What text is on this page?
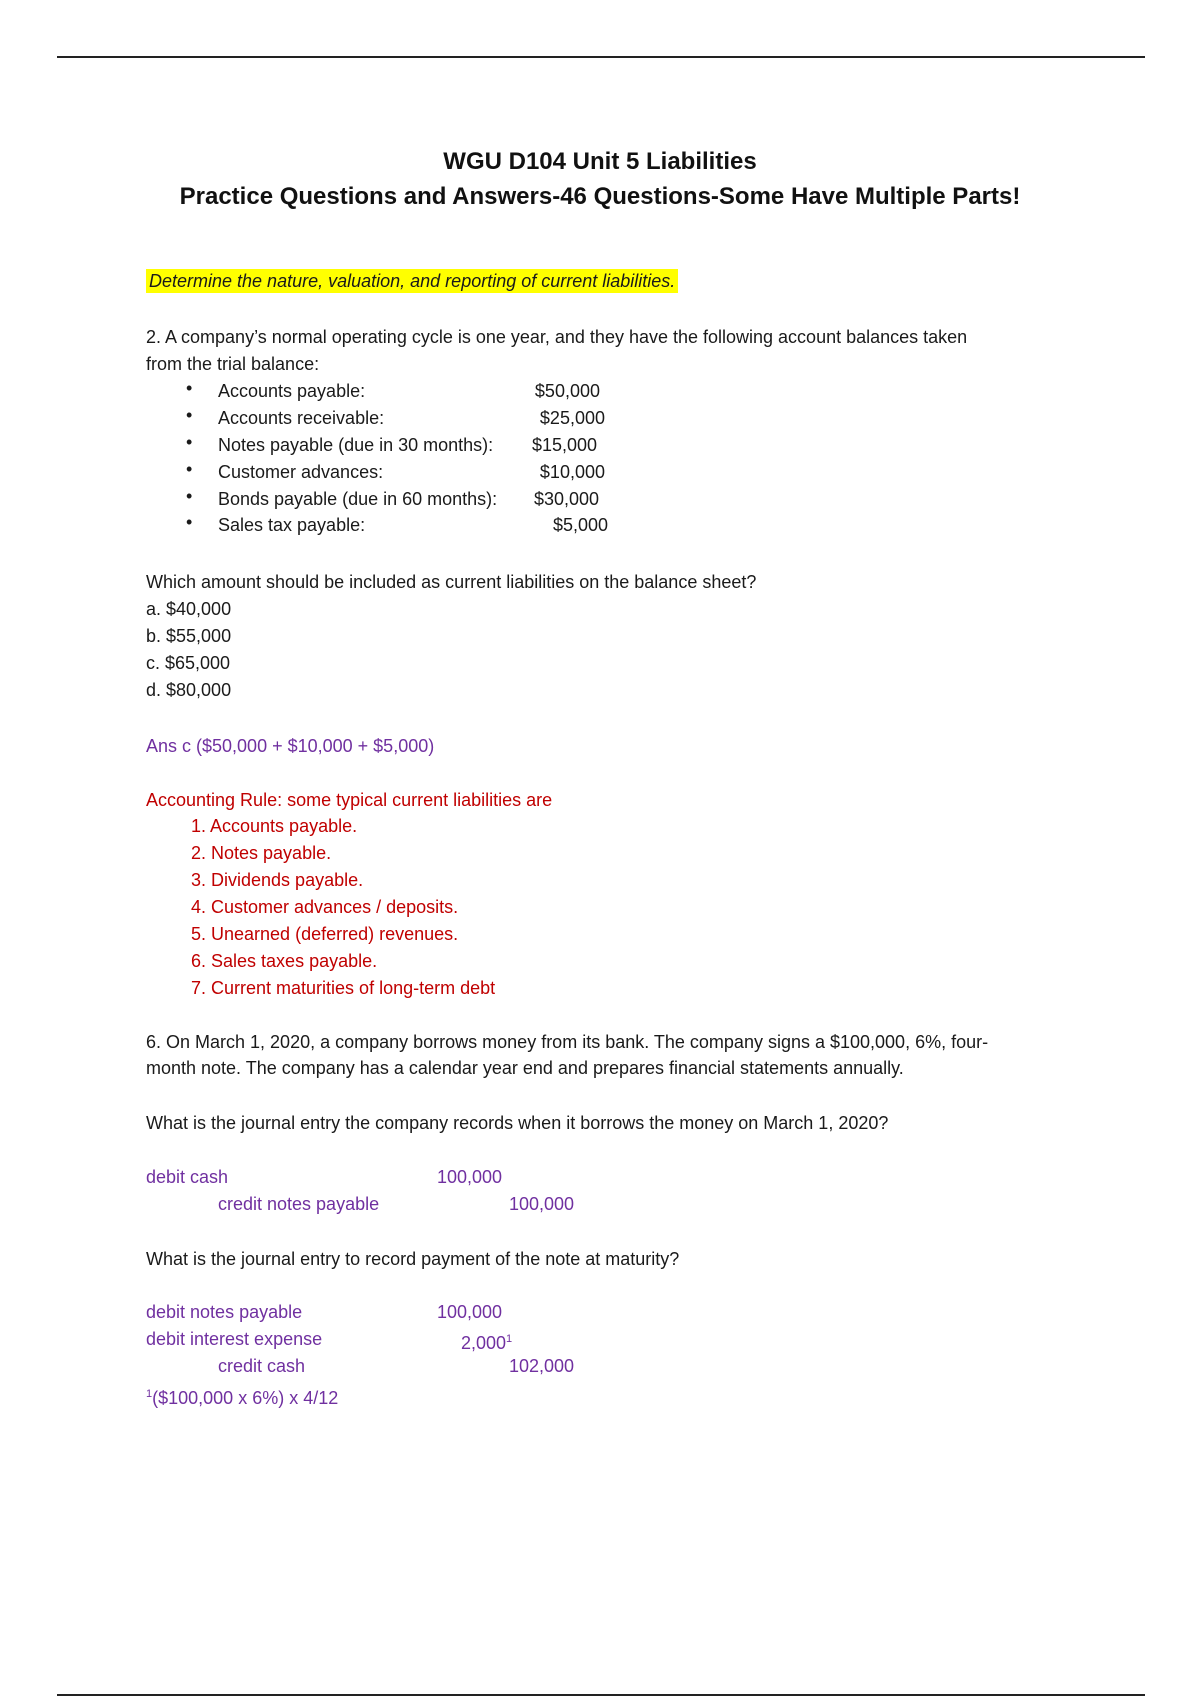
WGU D104 Unit 5 Liabilities
Practice Questions and Answers-46 Questions-Some Have Multiple Parts!
Determine the nature, valuation, and reporting of current liabilities.
2. A company’s normal operating cycle is one year, and they have the following account balances taken
from the trial balance:
• Accounts payable:	$50,000
• Accounts receivable:	$25,000
• Notes payable (due in 30 months): $15,000
• Customer advances:	$10,000
• Bonds payable (due in 60 months): $30,000
• Sales tax payable:	$5,000
Which amount should be included as current liabilities on the balance sheet?
a. $40,000
b. $55,000
c. $65,000
d. $80,000
Ans c ($50,000 + $10,000 + $5,000)
Accounting Rule: some typical current liabilities are
1. Accounts payable.
2. Notes payable.
3. Dividends payable.
4. Customer advances / deposits.
5. Unearned (deferred) revenues.
6. Sales taxes payable.
7. Current maturities of long-term debt
6. On March 1, 2020, a company borrows money from its bank. The company signs a $100,000, 6%, four-
month note. The company has a calendar year end and prepares financial statements annually.
What is the journal entry the company records when it borrows the money on March 1, 2020?
debit cash	100,000
credit notes payable	100,000
What is the journal entry to record payment of the note at maturity?
debit notes payable	100,000
debit interest expense	2,000$^1$
credit cash	102,000
$^1$($100,000 x 6%) x 4/12
